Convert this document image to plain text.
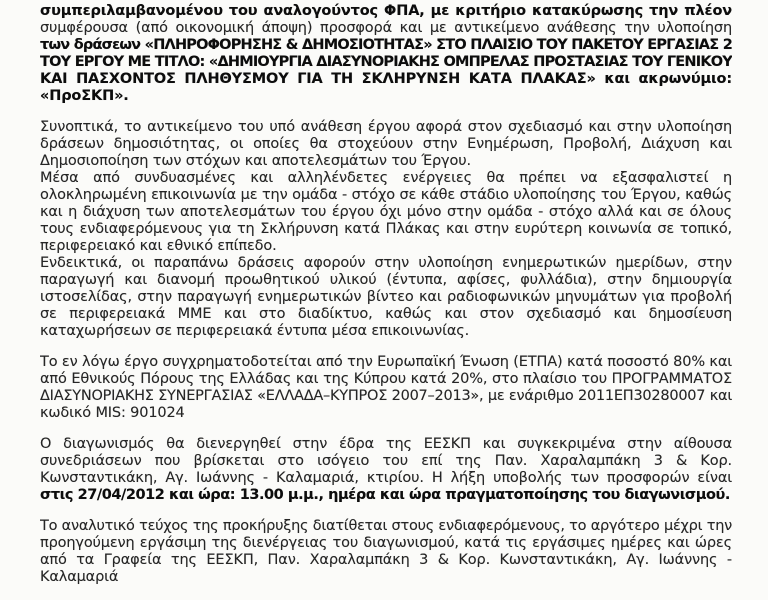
συμπεριλαμβανομένου του αναλογούντος ΦΠΑ, με κριτήριο κατακύρωσης την πλέον
συμφέρουσα (από οικονομική άποψη) προσφορά και με αντικείμενο ανάθεσης την υλοποίηση
των δράσεων «ΠΛΗΡΟΦΟΡΗΣΗΣ & ΔΗΜΟΣΙΟΤΗΤΑΣ» ΣΤΟ ΠΛΑΙΣΙΟ ΤΟΥ ΠΑΚΕΤΟΥ ΕΡΓΑΣΙΑΣ 2
ΤΟΥ ΕΡΓΟΥ ΜΕ ΤΙΤΛΟ: «ΔΗΜΙΟΥΡΓΙΑ ΔΙΑΣΥΝΟΡΙΑΚΗΣ ΟΜΠΡΕΛΑΣ ΠΡΟΣΤΑΣΙΑΣ ΤΟΥ ΓΕΝΙΚΟΥ
ΚΑΙ ΠΑΣΧΟΝΤΟΣ ΠΛΗΘΥΣΜΟΥ ΓΙΑ ΤΗ ΣΚΛΗΡΥΝΣΗ ΚΑΤΑ ΠΛΑΚΑΣ» και ακρωνύμιο:
«ΠροΣΚΠ».

Συνοπτικά, το αντικείμενο του υπό ανάθεση έργου αφορά στον σχεδιασμό και στην υλοποίηση
δράσεων δημοσιότητας, οι οποίες θα στοχεύουν στην Ενημέρωση, Προβολή, Διάχυση και
Δημοσιοποίηση των στόχων και αποτελεσμάτων του Έργου.
Μέσα από συνδυασμένες και αλληλένδετες ενέργειες θα πρέπει να εξασφαλιστεί η
ολοκληρωμένη επικοινωνία με την ομάδα - στόχο σε κάθε στάδιο υλοποίησης του Έργου, καθώς
και η διάχυση των αποτελεσμάτων του έργου όχι μόνο στην ομάδα - στόχο αλλά και σε όλους
τους ενδιαφερόμενους για τη Σκλήρυνση κατά Πλάκας και στην ευρύτερη κοινωνία σε τοπικό,
περιφερειακό και εθνικό επίπεδο.
Ενδεικτικά, οι παραπάνω δράσεις αφορούν στην υλοποίηση ενημερωτικών ημερίδων, στην
παραγωγή και διανομή προωθητικού υλικού (έντυπα, αφίσες, φυλλάδια), στην δημιουργία
ιστοσελίδας, στην παραγωγή ενημερωτικών βίντεο και ραδιοφωνικών μηνυμάτων για προβολή
σε περιφερειακά ΜΜΕ και στο διαδίκτυο, καθώς και στον σχεδιασμό και δημοσίευση
καταχωρήσεων σε περιφερειακά έντυπα μέσα επικοινωνίας.

Το εν λόγω έργο συγχρηματοδοτείται από την Ευρωπαϊκή Ένωση (ΕΤΠΑ) κατά ποσοστό 80% και
από Εθνικούς Πόρους της Ελλάδας και της Κύπρου κατά 20%, στο πλαίσιο του ΠΡΟΓΡΑΜΜΑΤΟΣ
ΔΙΑΣΥΝΟΡΙΑΚΗΣ ΣΥΝΕΡΓΑΣΙΑΣ «ΕΛΛΑΔΑ–ΚΥΠΡΟΣ 2007–2013», με ενάριθμο 2011ΕΠ30280007 και
κωδικό MIS: 901024

Ο διαγωνισμός θα διενεργηθεί στην έδρα της ΕΕΣΚΠ και συγκεκριμένα στην αίθουσα
συνεδριάσεων που βρίσκεται στο ισόγειο του επί της Παν. Χαραλαμπάκη 3 & Κορ.
Κωνσταντικάκη, Αγ. Ιωάννης - Καλαμαριά, κτιρίου. Η λήξη υποβολής των προσφορών είναι
στις 27/04/2012 και ώρα: 13.00 μ.μ., ημέρα και ώρα πραγματοποίησης του διαγωνισμού.

Το αναλυτικό τεύχος της προκήρυξης διατίθεται στους ενδιαφερόμενους, το αργότερο μέχρι την
προηγούμενη εργάσιμη της διενέργειας του διαγωνισμού, κατά τις εργάσιμες ημέρες και ώρες
από τα Γραφεία της ΕΕΣΚΠ, Παν. Χαραλαμπάκη 3 & Κορ. Κωνσταντικάκη, Αγ. Ιωάννης -
Καλαμαριά
